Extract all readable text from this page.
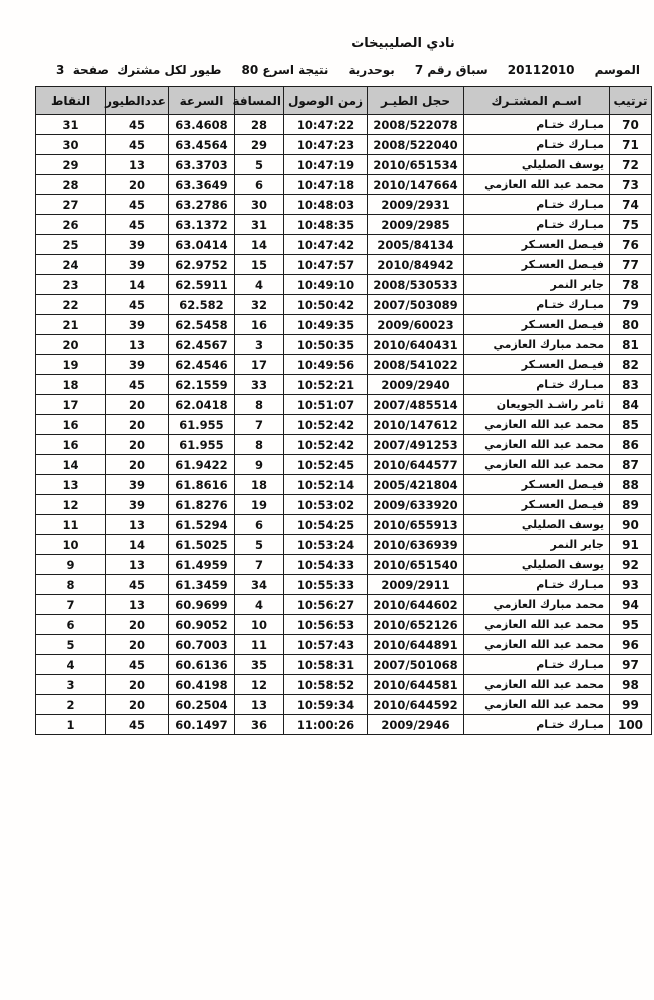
نادي الصليبيخات
الموسم
20112010
سباق رقم 7
بوحدرية
نتيجة اسرع 80
طيور لكل مشترك  صفحة  3
ترتيب	اسـم المشتـرك	حجل الطيـر	زمن الوصول	المسافة	السرعة	عددالطيور	النقاط
70	مبـارك ختـام	2008/522078	10:47:22	28	63.4608	45	31
71	مبـارك ختـام	2008/522040	10:47:23	29	63.4564	45	30
72	يوسف الصليلي	2010/651534	10:47:19	5	63.3703	13	29
73	محمد عبد الله العازمي	2010/147664	10:47:18	6	63.3649	20	28
74	مبـارك ختـام	2009/2931	10:48:03	30	63.2786	45	27
75	مبـارك ختـام	2009/2985	10:48:35	31	63.1372	45	26
76	فيـصل العسـكر	2005/84134	10:47:42	14	63.0414	39	25
77	فيـصل العسـكر	2010/84942	10:47:57	15	62.9752	39	24
78	جابر النمر	2008/530533	10:49:10	4	62.5911	14	23
79	مبـارك ختـام	2007/503089	10:50:42	32	62.582	45	22
80	فيـصل العسـكر	2009/60023	10:49:35	16	62.5458	39	21
81	محمد مبارك العازمي	2010/640431	10:50:35	3	62.4567	13	20
82	فيـصل العسـكر	2008/541022	10:49:56	17	62.4546	39	19
83	مبـارك ختـام	2009/2940	10:52:21	33	62.1559	45	18
84	ثامر راشـد الجويعان	2007/485514	10:51:07	8	62.0418	20	17
85	محمد عبد الله العازمي	2010/147612	10:52:42	7	61.955	20	16
86	محمد عبد الله العازمي	2007/491253	10:52:42	8	61.955	20	16
87	محمد عبد الله العازمي	2010/644577	10:52:45	9	61.9422	20	14
88	فيـصل العسـكر	2005/421804	10:52:14	18	61.8616	39	13
89	فيـصل العسـكر	2009/633920	10:53:02	19	61.8276	39	12
90	يوسف الصليلي	2010/655913	10:54:25	6	61.5294	13	11
91	جابر النمر	2010/636939	10:53:24	5	61.5025	14	10
92	يوسف الصليلي	2010/651540	10:54:33	7	61.4959	13	9
93	مبـارك ختـام	2009/2911	10:55:33	34	61.3459	45	8
94	محمد مبارك العازمي	2010/644602	10:56:27	4	60.9699	13	7
95	محمد عبد الله العازمي	2010/652126	10:56:53	10	60.9052	20	6
96	محمد عبد الله العازمي	2010/644891	10:57:43	11	60.7003	20	5
97	مبـارك ختـام	2007/501068	10:58:31	35	60.6136	45	4
98	محمد عبد الله العازمي	2010/644581	10:58:52	12	60.4198	20	3
99	محمد عبد الله العازمي	2010/644592	10:59:34	13	60.2504	20	2
100	مبـارك ختـام	2009/2946	11:00:26	36	60.1497	45	1
